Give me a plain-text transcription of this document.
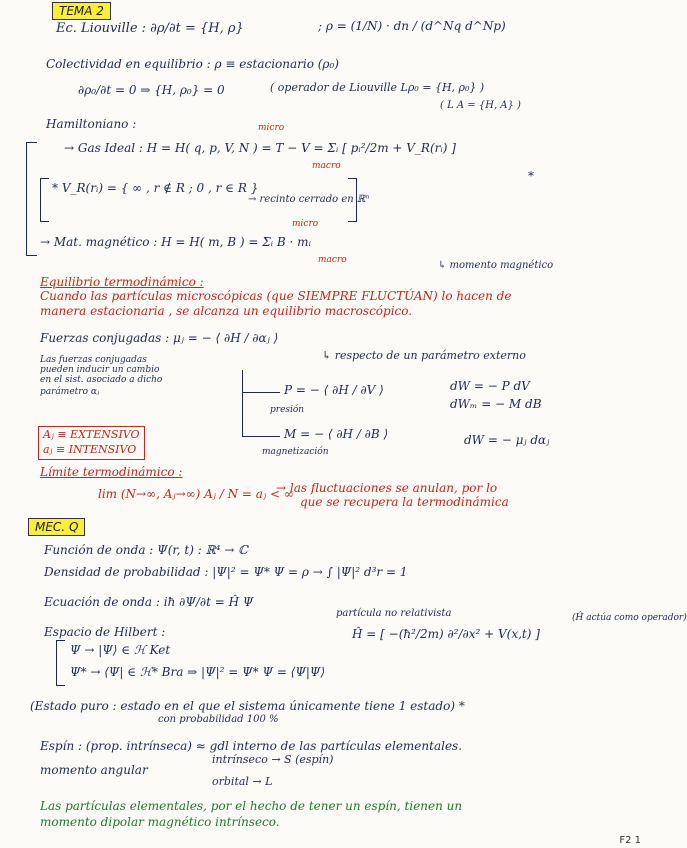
TEMA 2
Ec. Liouville : ∂ρ/∂t = {H, ρ}	; ρ = (1/N) · dn / (d^Nq d^Np)
Colectividad en equilibrio : ρ ≡ estacionario (ρ₀)
∂ρ₀/∂t = 0 ⇒ {H, ρ₀} = 0	( operador de Liouville Lρ₀ = {H, ρ₀} )
( L A = {H, A} )
Hamiltoniano :	micro
→ Gas Ideal : H = H( q, p, V, N ) = T − V = Σᵢ [ pᵢ²/2m + V_R(rᵢ) ]
macro
* V_R(rᵢ) = { ∞ , r ∉ R ; 0 , r ∈ R }
→ recinto cerrado en ℝⁿ
*
micro
→ Mat. magnético : H = H( m, B ) = Σᵢ B · mᵢ
macro	↳ momento magnético
Equilibrio termodinámico :
Cuando las partículas microscópicas (que SIEMPRE FLUCTÚAN) lo hacen de
manera estacionaria , se alcanza un equilibrio macroscópico.
Fuerzas conjugadas : μⱼ = − ⟨ ∂H / ∂αⱼ ⟩
↳ respecto de un parámetro externo
Las fuerzas conjugadas
pueden inducir un cambio
en el sist. asociado a dicho
parámetro αⱼ	P = − ⟨ ∂H / ∂V ⟩
presión
M = − ⟨ ∂H / ∂B ⟩
magnetización
dW = − P dV
dWₘ = − M dB
dW = − μⱼ dαⱼ
Aⱼ ≡ EXTENSIVO
aⱼ ≡ INTENSIVO
Límite termodinámico :
lim (N→∞, Aⱼ→∞) Aⱼ / N = aⱼ < ∞
→ las fluctuaciones se anulan, por lo
que se recupera la termodinámica
MEC. Q
Función de onda : Ψ(r, t) : ℝ⁴ → ℂ
Densidad de probabilidad : |Ψ|² = Ψ* Ψ = ρ → ∫ |Ψ|² d³r = 1
Ecuación de onda : iħ ∂Ψ/∂t = Ĥ Ψ
partícula no relativista
Ĥ = [ −(ħ²/2m) ∂²/∂x² + V(x,t) ]
(Ĥ actúa como operador)
Espacio de Hilbert :
Ψ → |Ψ⟩ ∈ ℋ Ket
Ψ* → ⟨Ψ| ∈ ℋ* Bra ⇒ |Ψ|² = Ψ* Ψ = ⟨Ψ|Ψ⟩
(Estado puro : estado en el que el sistema únicamente tiene 1 estado) *
con probabilidad 100 %
Espín : (prop. intrínseca) ≈ gdl interno de las partículas elementales.
momento angular
intrínseco → S (espín)
orbital → L
Las partículas elementales, por el hecho de tener un espín, tienen un
momento dipolar magnético intrínseco.
F2 1
